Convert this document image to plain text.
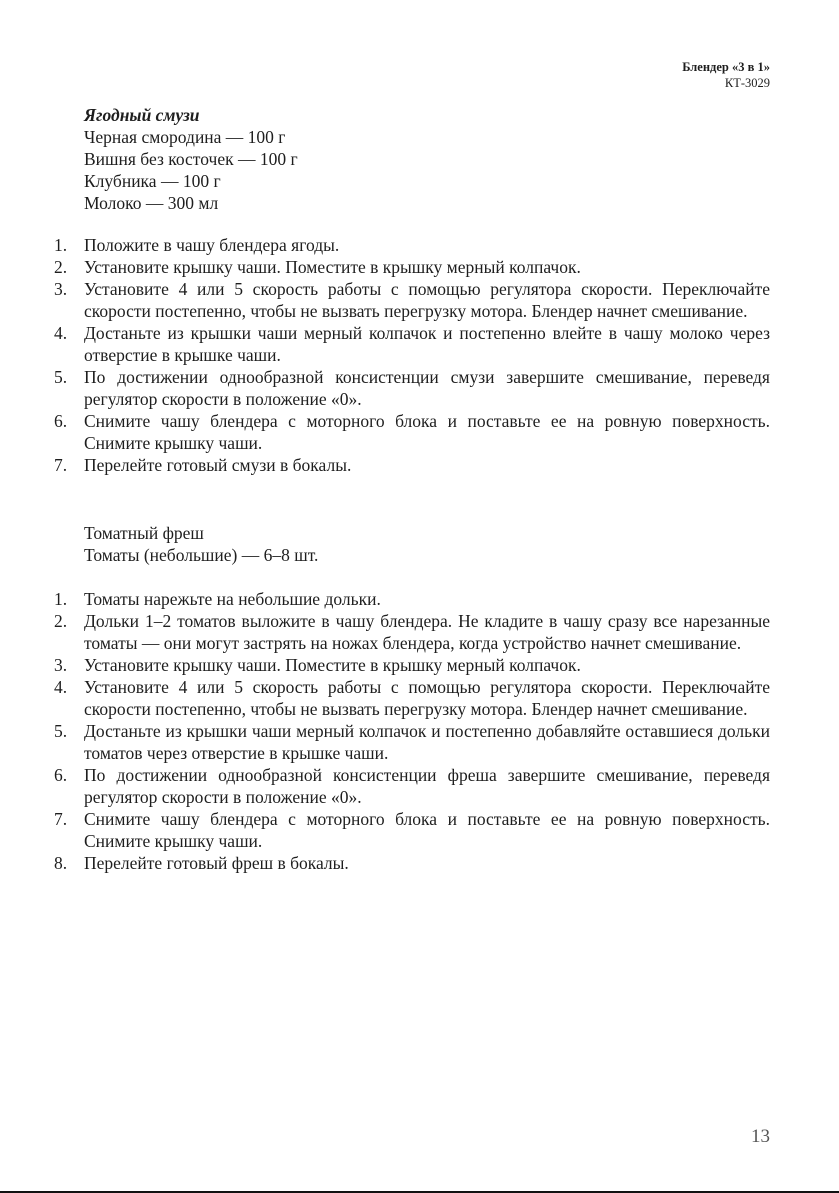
Блендер «3 в 1»
КТ-3029
Ягодный смузи
Черная смородина — 100 г
Вишня без косточек — 100 г
Клубника — 100 г
Молоко — 300 мл
1. Положите в чашу блендера ягоды.
2. Установите крышку чаши. Поместите в крышку мерный колпачок.
3. Установите 4 или 5 скорость работы с помощью регулятора скорости. Переключайте скорости постепенно, чтобы не вызвать перегрузку мотора. Блендер начнет смешивание.
4. Достаньте из крышки чаши мерный колпачок и постепенно влейте в чашу молоко через отверстие в крышке чаши.
5. По достижении однообразной консистенции смузи завершите смешивание, переведя регулятор скорости в положение «0».
6. Снимите чашу блендера с моторного блока и поставьте ее на ровную поверхность. Снимите крышку чаши.
7. Перелейте готовый смузи в бокалы.
Томатный фреш
Томаты (небольшие) — 6–8 шт.
1. Томаты нарежьте на небольшие дольки.
2. Дольки 1–2 томатов выложите в чашу блендера. Не кладите в чашу сразу все нарезанные томаты — они могут застрять на ножах блендера, когда устройство начнет смешивание.
3. Установите крышку чаши. Поместите в крышку мерный колпачок.
4. Установите 4 или 5 скорость работы с помощью регулятора скорости. Переключайте скорости постепенно, чтобы не вызвать перегрузку мотора. Блендер начнет смешивание.
5. Достаньте из крышки чаши мерный колпачок и постепенно добавляйте оставшиеся дольки томатов через отверстие в крышке чаши.
6. По достижении однообразной консистенции фреша завершите смешивание, переведя регулятор скорости в положение «0».
7. Снимите чашу блендера с моторного блока и поставьте ее на ровную поверхность. Снимите крышку чаши.
8. Перелейте готовый фреш в бокалы.
13
